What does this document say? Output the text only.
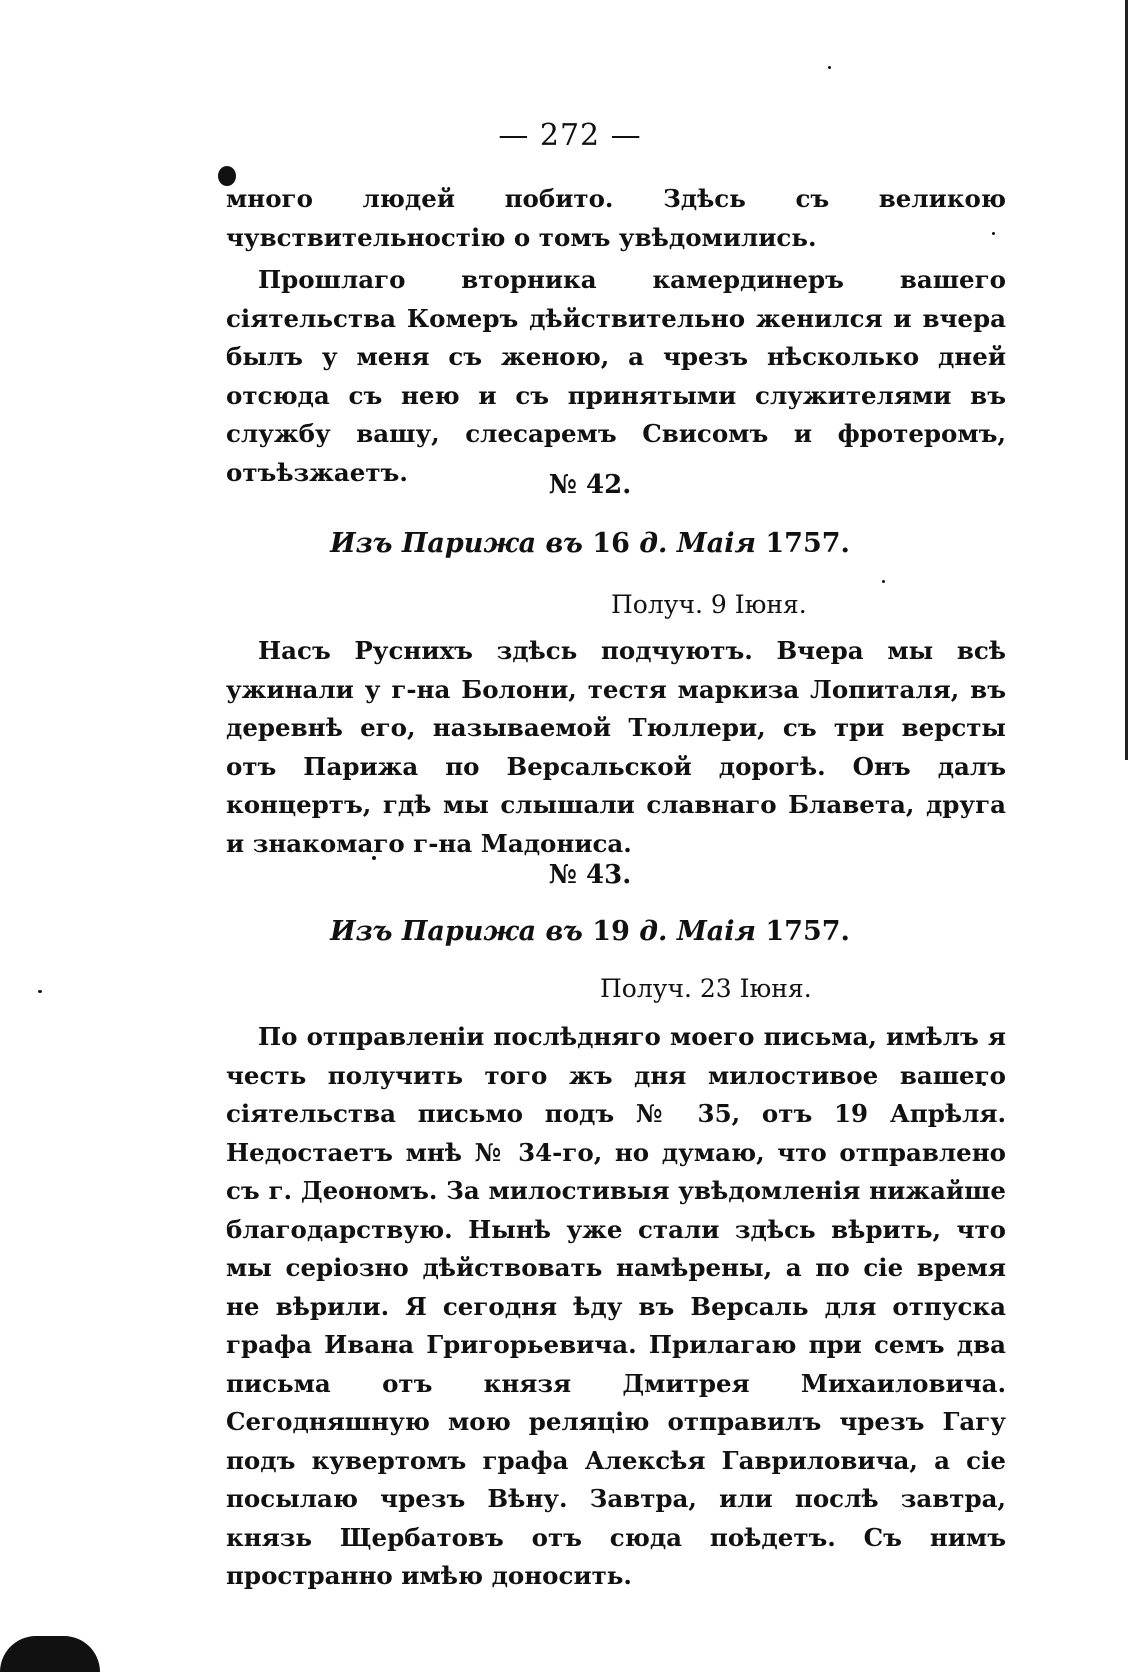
— 272 —

много людей побито. Здѣсь съ великою чувствительностію о томъ увѣдомились.

Прошлаго вторника камердинеръ вашего сіятельства Комеръ дѣйствительно женился и вчера былъ у меня съ женою, а чрезъ нѣсколько дней отсюда съ нею и съ принятыми служителями въ службу вашу, слесаремъ Свисомъ и фротеромъ, отъѣзжаетъ.	№ 42.
Изъ Парижа въ 16 д. Маія 1757.
Получ. 9 Іюня.

Насъ Руснихъ здѣсь подчуютъ. Вчера мы всѣ ужинали у г-на Болони, тестя маркиза Лопиталя, въ деревнѣ его, называемой Тюллери, съ три версты отъ Парижа по Версальской дорогѣ. Онъ далъ концертъ, гдѣ мы слышали славнаго Блавета, друга и знакомаго г-на Мадониса.

№ 43.
Изъ Парижа въ 19 д. Маія 1757.
Получ. 23 Іюня.

По отправленіи послѣдняго моего письма, имѣлъ я честь получить того жъ дня милостивое вашего сіятельства письмо подъ № 35, отъ 19 Апрѣля. Недостаетъ мнѣ № 34-го, но думаю, что отправлено съ г. Деономъ. За милостивыя увѣдомленія нижайше благодарствую. Нынѣ уже стали здѣсь вѣрить, что мы серіозно дѣйствовать намѣрены, а по сіе время не вѣрили. Я сегодня ѣду въ Версаль для отпуска графа Ивана Григорьевича. Прилагаю при семъ два письма отъ князя Дмитрея Михаиловича. Сегодняшную мою реляцію отправилъ чрезъ Гагу подъ кувертомъ графа Алексѣя Гавриловича, а сіе посылаю чрезъ Вѣну. Завтра, или послѣ завтра, князь Щербатовъ отъ сюда поѣдетъ. Съ нимъ пространно имѣю доносить.
